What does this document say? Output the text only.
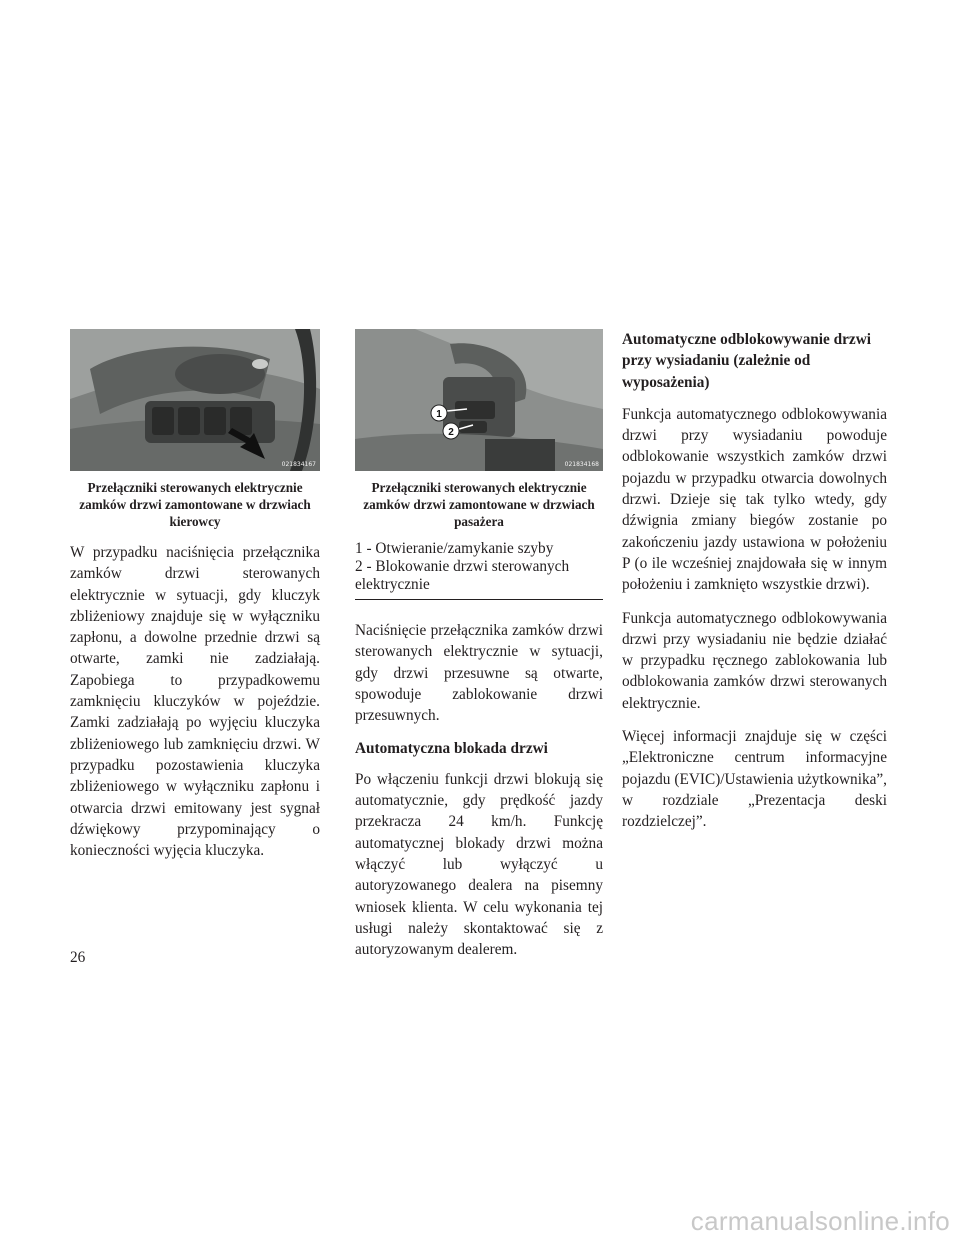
021834167
Przełączniki sterowanych elektrycznie zamków drzwi zamontowane w drzwiach kierowcy

W przypadku naciśnięcia przełącznika zamków drzwi sterowanych elektrycznie w sytuacji, gdy kluczyk zbliżeniowy znajduje się w wyłączniku zapłonu, a dowolne przednie drzwi są otwarte, zamki nie zadziałają. Zapobiega to przypadkowemu zamknięciu kluczyków w pojeździe. Zamki zadziałają po wyjęciu kluczyka zbliżeniowego lub zamknięciu drzwi. W przypadku pozostawienia kluczyka zbliżeniowego w wyłączniku zapłonu i otwarcia drzwi emitowany jest sygnał dźwiękowy przypominający o konieczności wyjęcia kluczyka.

1
2
021834168
Przełączniki sterowanych elektrycznie zamków drzwi zamontowane w drzwiach pasażera
1 - Otwieranie/zamykanie szyby
2 - Blokowanie drzwi sterowanych elektrycznie

Naciśnięcie przełącznika zamków drzwi sterowanych elektrycznie w sytuacji, gdy drzwi przesuwne są otwarte, spowoduje zablokowanie drzwi przesuwnych.

Automatyczna blokada drzwi

Po włączeniu funkcji drzwi blokują się automatycznie, gdy prędkość jazdy przekracza 24 km/h. Funkcję automatycznej blokady drzwi można włączyć lub wyłączyć u autoryzowanego dealera na pisemny wniosek klienta. W celu wykonania tej usługi należy skontaktować się z autoryzowanym dealerem.

Automatyczne odblokowywanie drzwi przy wysiadaniu (zależnie od wyposażenia)

Funkcja automatycznego odblokowywania drzwi przy wysiadaniu powoduje odblokowanie wszystkich zamków drzwi pojazdu w przypadku otwarcia dowolnych drzwi. Dzieje się tak tylko wtedy, gdy dźwignia zmiany biegów zostanie po zakończeniu jazdy ustawiona w położeniu P (o ile wcześniej znajdowała się w innym położeniu i zamknięto wszystkie drzwi).

Funkcja automatycznego odblokowywania drzwi przy wysiadaniu nie będzie działać w przypadku ręcznego zablokowania lub odblokowania zamków drzwi sterowanych elektrycznie.

Więcej informacji znajduje się w części „Elektroniczne centrum informacyjne pojazdu (EVIC)/Ustawienia użytkownika”, w rozdziale „Prezentacja deski rozdzielczej”.

26
carmanualsonline.info
